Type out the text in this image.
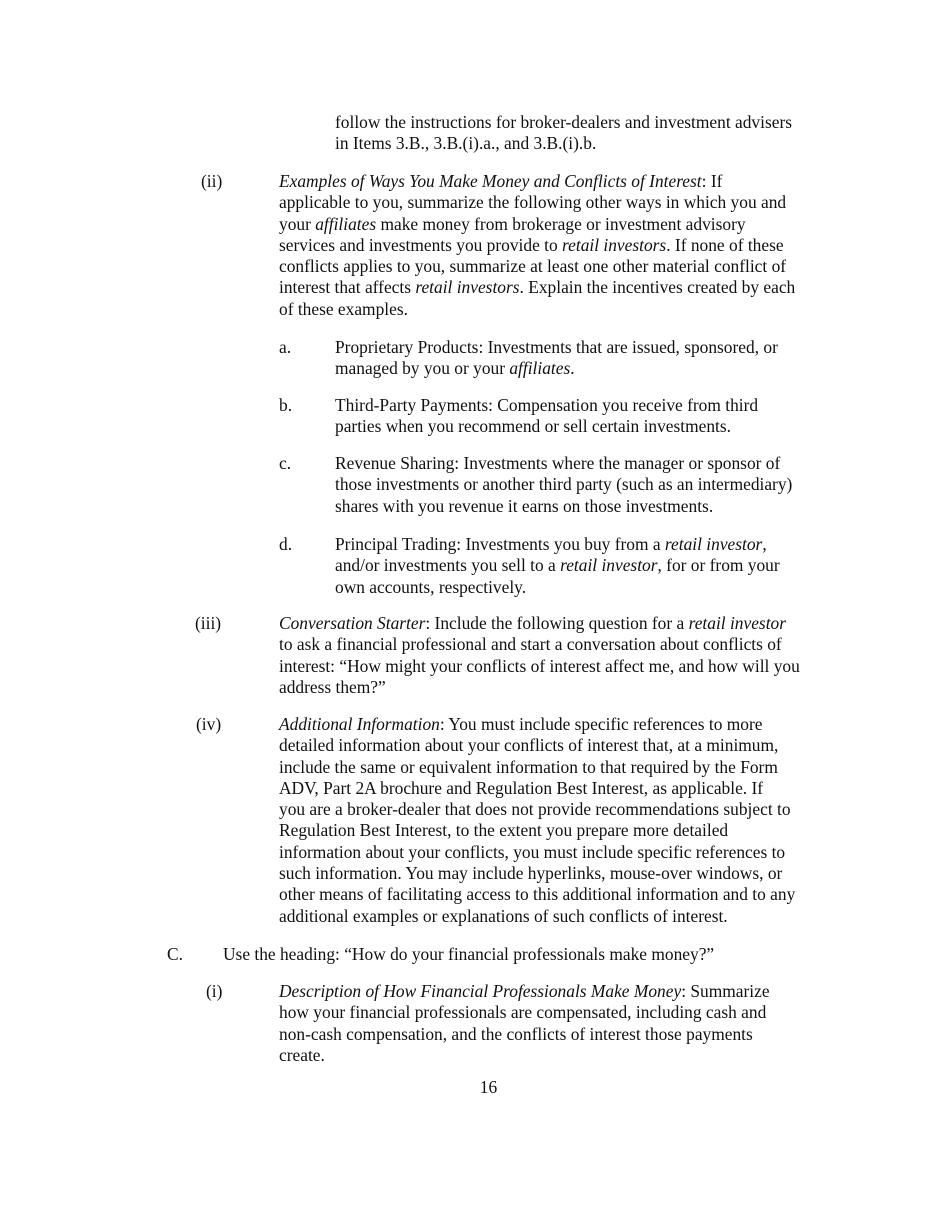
follow the instructions for broker-dealers and investment advisers

in Items 3.B., 3.B.(i).a., and 3.B.(i).b.

(ii)	Examples of Ways You Make Money and Conflicts of Interest: If

applicable to you, summarize the following other ways in which you and

your affiliates make money from brokerage or investment advisory

services and investments you provide to retail investors. If none of these

conflicts applies to you, summarize at least one other material conflict of

interest that affects retail investors. Explain the incentives created by each

of these examples.

a.	Proprietary Products: Investments that are issued, sponsored, or

managed by you or your affiliates.

b. Third-Party Payments: Compensation you receive from third

parties when you recommend or sell certain investments.

c.	Revenue Sharing: Investments where the manager or sponsor of

those investments or another third party (such as an intermediary)

shares with you revenue it earns on those investments.

d. Principal Trading: Investments you buy from a retail investor,

and/or investments you sell to a retail investor, for or from your

own accounts, respectively.

(iii)	Conversation Starter: Include the following question for a retail investor

to ask a financial professional and start a conversation about conflicts of

interest: “How might your conflicts of interest affect me, and how will you

address them?”

(iv)	Additional Information: You must include specific references to more

detailed information about your conflicts of interest that, at a minimum,

include the same or equivalent information to that required by the Form

ADV, Part 2A brochure and Regulation Best Interest, as applicable. If

you are a broker-dealer that does not provide recommendations subject to

Regulation Best Interest, to the extent you prepare more detailed

information about your conflicts, you must include specific references to

such information. You may include hyperlinks, mouse-over windows, or

other means of facilitating access to this additional information and to any

additional examples or explanations of such conflicts of interest.

C. Use the heading: “How do your financial professionals make money?”

(i)	Description of How Financial Professionals Make Money: Summarize

how your financial professionals are compensated, including cash and

non-cash compensation, and the conflicts of interest those payments

create.

16
